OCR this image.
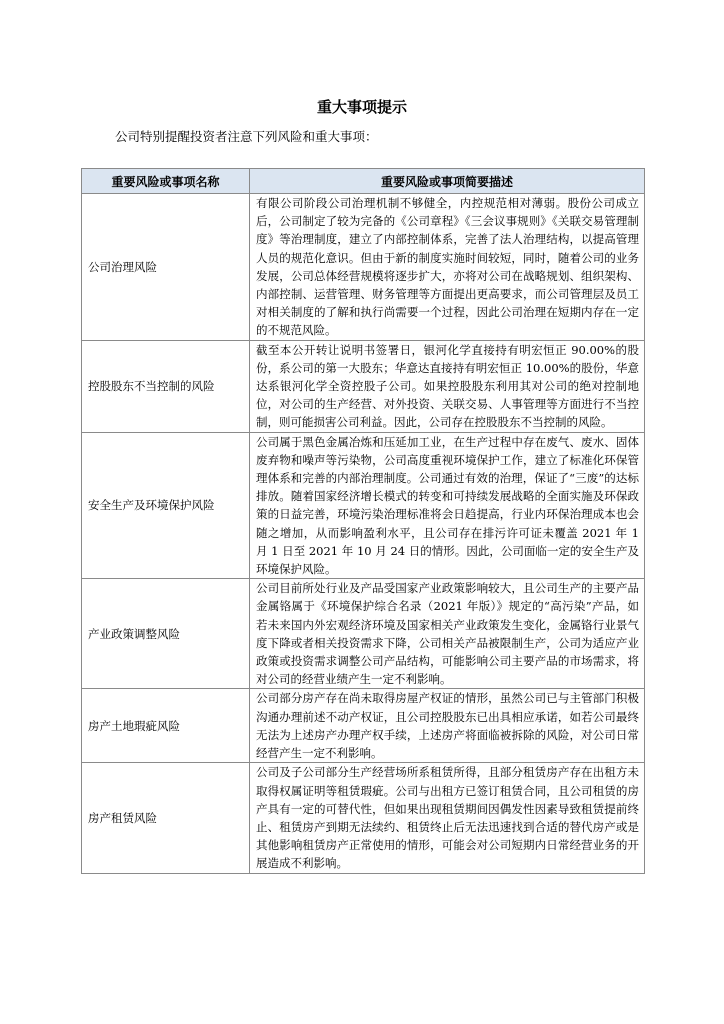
重大事项提示
公司特别提醒投资者注意下列风险和重大事项：
重要风险或事项名称	重要风险或事项简要描述
公司治理风险	有限公司阶段公司治理机制不够健全，内控规范相对薄弱。股份公司成立后，公司制定了较为完备的《公司章程》《三会议事规则》《关联交易管理制度》等治理制度，建立了内部控制体系，完善了法人治理结构，以提高管理人员的规范化意识。但由于新的制度实施时间较短，同时，随着公司的业务发展，公司总体经营规模将逐步扩大，亦将对公司在战略规划、组织架构、内部控制、运营管理、财务管理等方面提出更高要求，而公司管理层及员工对相关制度的了解和执行尚需要一个过程，因此公司治理在短期内存在一定的不规范风险。

控股股东不当控制的风险	截至本公开转让说明书签署日，银河化学直接持有明宏恒正 90.00%的股份，系公司的第一大股东；华意达直接持有明宏恒正 10.00%的股份，华意达系银河化学全资控股子公司。如果控股股东利用其对公司的绝对控制地位，对公司的生产经营、对外投资、关联交易、人事管理等方面进行不当控制，则可能损害公司利益。因此，公司存在控股股东不当控制的风险。

安全生产及环境保护风险	公司属于黑色金属冶炼和压延加工业，在生产过程中存在废气、废水、固体废弃物和噪声等污染物，公司高度重视环境保护工作，建立了标准化环保管理体系和完善的内部治理制度。公司通过有效的治理，保证了“三废”的达标排放。随着国家经济增长模式的转变和可持续发展战略的全面实施及环保政策的日益完善，环境污染治理标准将会日趋提高，行业内环保治理成本也会随之增加，从而影响盈利水平，且公司存在排污许可证未覆盖 2021 年 1 月 1 日至 2021 年 10 月 24 日的情形。因此，公司面临一定的安全生产及环境保护风险。

产业政策调整风险	公司目前所处行业及产品受国家产业政策影响较大，且公司生产的主要产品金属铬属于《环境保护综合名录（2021 年版）》规定的“高污染”产品，如若未来国内外宏观经济环境及国家相关产业政策发生变化，金属铬行业景气度下降或者相关投资需求下降，公司相关产品被限制生产，公司为适应产业政策或投资需求调整公司产品结构，可能影响公司主要产品的市场需求，将对公司的经营业绩产生一定不利影响。

房产土地瑕疵风险	公司部分房产存在尚未取得房屋产权证的情形，虽然公司已与主管部门积极沟通办理前述不动产权证，且公司控股股东已出具相应承诺，如若公司最终无法为上述房产办理产权手续，上述房产将面临被拆除的风险，对公司日常经营产生一定不利影响。

房产租赁风险	公司及子公司部分生产经营场所系租赁所得，且部分租赁房产存在出租方未取得权属证明等租赁瑕疵。公司与出租方已签订租赁合同，且公司租赁的房产具有一定的可替代性，但如果出现租赁期间因偶发性因素导致租赁提前终止、租赁房产到期无法续约、租赁终止后无法迅速找到合适的替代房产或是其他影响租赁房产正常使用的情形，可能会对公司短期内日常经营业务的开展造成不利影响。
